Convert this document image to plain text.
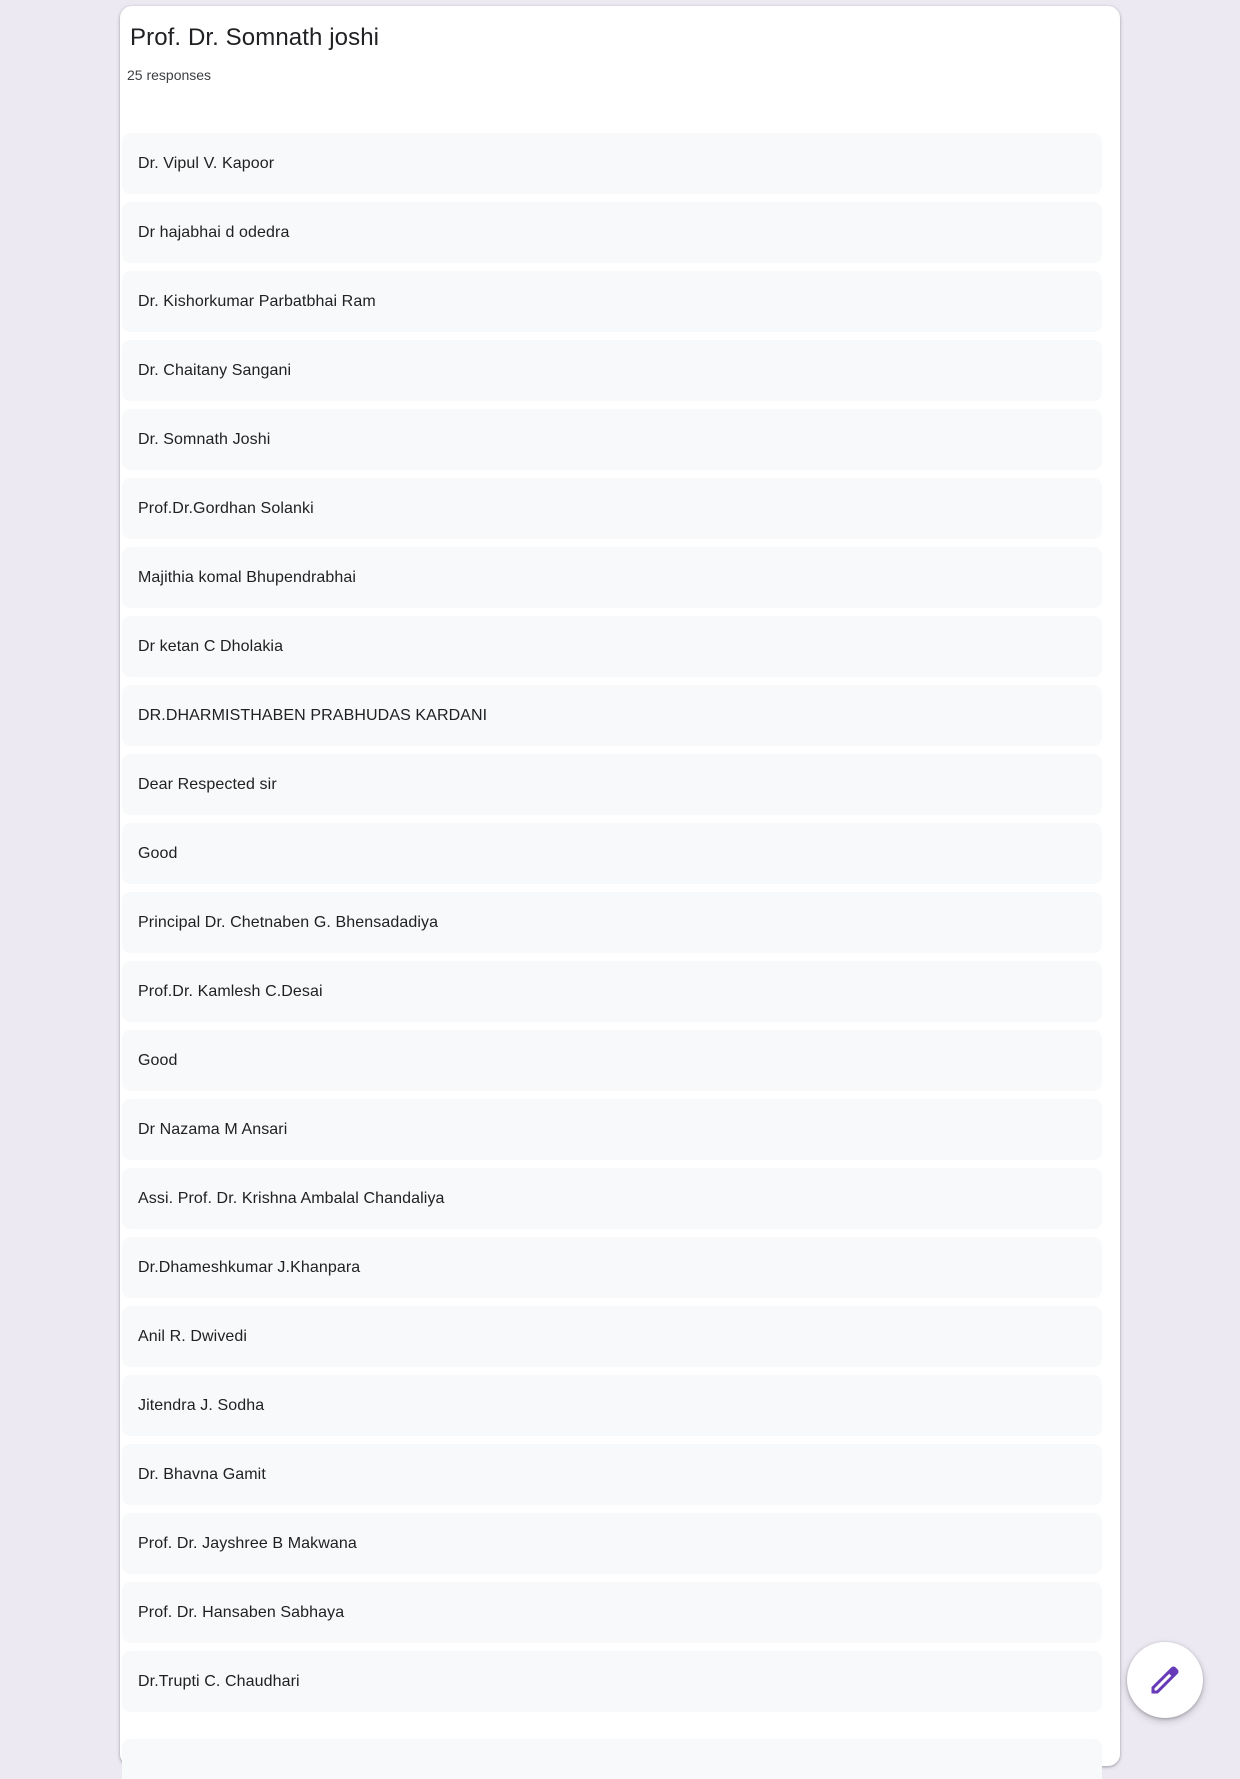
Prof. Dr. Somnath joshi
25 responses
Dr. Vipul V. Kapoor
Dr hajabhai d odedra
Dr. Kishorkumar Parbatbhai Ram
Dr. Chaitany Sangani
Dr. Somnath Joshi
Prof.Dr.Gordhan Solanki
Majithia komal Bhupendrabhai
Dr ketan C Dholakia
DR.DHARMISTHABEN PRABHUDAS KARDANI
Dear Respected sir
Good
Principal Dr. Chetnaben G. Bhensadadiya
Prof.Dr. Kamlesh C.Desai
Good
Dr Nazama M Ansari
Assi. Prof. Dr. Krishna Ambalal Chandaliya
Dr.Dhameshkumar J.Khanpara
Anil R. Dwivedi
Jitendra J. Sodha
Dr. Bhavna Gamit
Prof. Dr. Jayshree B Makwana
Prof. Dr. Hansaben Sabhaya
Dr.Trupti C. Chaudhari
